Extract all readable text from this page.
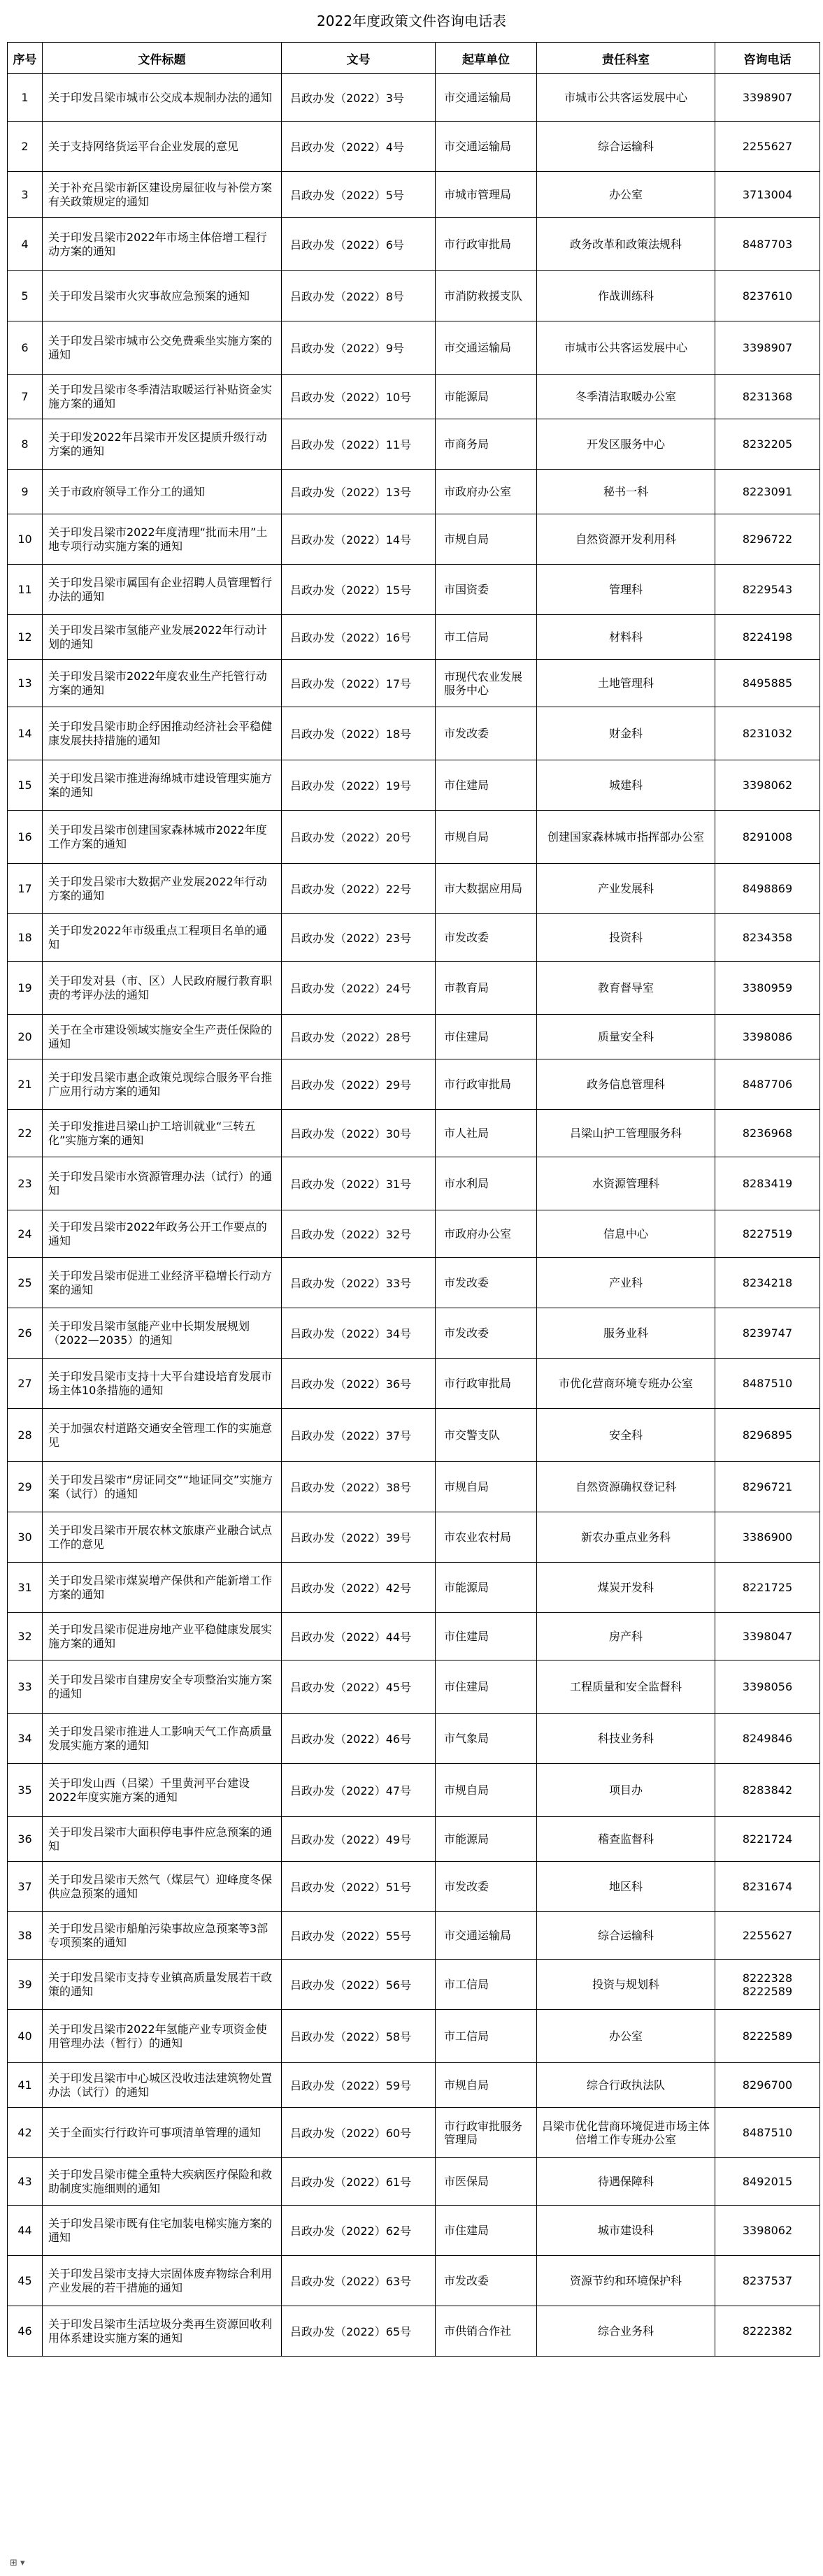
2022年度政策文件咨询电话表
序号	文件标题	文号	起草单位	责任科室	咨询电话
1	关于印发吕梁市城市公交成本规制办法的通知	吕政办发（2022）3号	市交通运输局	市城市公共客运发展中心	3398907
2	关于支持网络货运平台企业发展的意见	吕政办发（2022）4号	市交通运输局	综合运输科	2255627
3	关于补充吕梁市新区建设房屋征收与补偿方案有关政策规定的通知	吕政办发（2022）5号	市城市管理局	办公室	3713004
4	关于印发吕梁市2022年市场主体倍增工程行动方案的通知	吕政办发（2022）6号	市行政审批局	政务改革和政策法规科	8487703
5	关于印发吕梁市火灾事故应急预案的通知	吕政办发（2022）8号	市消防救援支队	作战训练科	8237610
6	关于印发吕梁市城市公交免费乘坐实施方案的通知	吕政办发（2022）9号	市交通运输局	市城市公共客运发展中心	3398907
7	关于印发吕梁市冬季清洁取暖运行补贴资金实施方案的通知	吕政办发（2022）10号	市能源局	冬季清洁取暖办公室	8231368
8	关于印发2022年吕梁市开发区提质升级行动方案的通知	吕政办发（2022）11号	市商务局	开发区服务中心	8232205
9	关于市政府领导工作分工的通知	吕政办发（2022）13号	市政府办公室	秘书一科	8223091
10	关于印发吕梁市2022年度清理“批而未用”土地专项行动实施方案的通知	吕政办发（2022）14号	市规自局	自然资源开发利用科	8296722
11	关于印发吕梁市属国有企业招聘人员管理暂行办法的通知	吕政办发（2022）15号	市国资委	管理科	8229543
12	关于印发吕梁市氢能产业发展2022年行动计划的通知	吕政办发（2022）16号	市工信局	材料科	8224198
13	关于印发吕梁市2022年度农业生产托管行动方案的通知	吕政办发（2022）17号	市现代农业发展服务中心	土地管理科	8495885
14	关于印发吕梁市助企纾困推动经济社会平稳健康发展扶持措施的通知	吕政办发（2022）18号	市发改委	财金科	8231032
15	关于印发吕梁市推进海绵城市建设管理实施方案的通知	吕政办发（2022）19号	市住建局	城建科	3398062
16	关于印发吕梁市创建国家森林城市2022年度工作方案的通知	吕政办发（2022）20号	市规自局	创建国家森林城市指挥部办公室	8291008
17	关于印发吕梁市大数据产业发展2022年行动方案的通知	吕政办发（2022）22号	市大数据应用局	产业发展科	8498869
18	关于印发2022年市级重点工程项目名单的通知	吕政办发（2022）23号	市发改委	投资科	8234358
19	关于印发对县（市、区）人民政府履行教育职责的考评办法的通知	吕政办发（2022）24号	市教育局	教育督导室	3380959
20	关于在全市建设领域实施安全生产责任保险的通知	吕政办发（2022）28号	市住建局	质量安全科	3398086
21	关于印发吕梁市惠企政策兑现综合服务平台推广应用行动方案的通知	吕政办发（2022）29号	市行政审批局	政务信息管理科	8487706
22	关于印发推进吕梁山护工培训就业“三转五化”实施方案的通知	吕政办发（2022）30号	市人社局	吕梁山护工管理服务科	8236968
23	关于印发吕梁市水资源管理办法（试行）的通知	吕政办发（2022）31号	市水利局	水资源管理科	8283419
24	关于印发吕梁市2022年政务公开工作要点的通知	吕政办发（2022）32号	市政府办公室	信息中心	8227519
25	关于印发吕梁市促进工业经济平稳增长行动方案的通知	吕政办发（2022）33号	市发改委	产业科	8234218
26	关于印发吕梁市氢能产业中长期发展规划（2022—2035）的通知	吕政办发（2022）34号	市发改委	服务业科	8239747
27	关于印发吕梁市支持十大平台建设培育发展市场主体10条措施的通知	吕政办发（2022）36号	市行政审批局	市优化营商环境专班办公室	8487510
28	关于加强农村道路交通安全管理工作的实施意见	吕政办发（2022）37号	市交警支队	安全科	8296895
29	关于印发吕梁市“房证同交”“地证同交”实施方案（试行）的通知	吕政办发（2022）38号	市规自局	自然资源确权登记科	8296721
30	关于印发吕梁市开展农林文旅康产业融合试点工作的意见	吕政办发（2022）39号	市农业农村局	新农办重点业务科	3386900
31	关于印发吕梁市煤炭增产保供和产能新增工作方案的通知	吕政办发（2022）42号	市能源局	煤炭开发科	8221725
32	关于印发吕梁市促进房地产业平稳健康发展实施方案的通知	吕政办发（2022）44号	市住建局	房产科	3398047
33	关于印发吕梁市自建房安全专项整治实施方案的通知	吕政办发（2022）45号	市住建局	工程质量和安全监督科	3398056
34	关于印发吕梁市推进人工影响天气工作高质量发展实施方案的通知	吕政办发（2022）46号	市气象局	科技业务科	8249846
35	关于印发山西（吕梁）千里黄河平台建设2022年度实施方案的通知	吕政办发（2022）47号	市规自局	项目办	8283842
36	关于印发吕梁市大面积停电事件应急预案的通知	吕政办发（2022）49号	市能源局	稽查监督科	8221724
37	关于印发吕梁市天然气（煤层气）迎峰度冬保供应急预案的通知	吕政办发（2022）51号	市发改委	地区科	8231674
38	关于印发吕梁市船舶污染事故应急预案等3部专项预案的通知	吕政办发（2022）55号	市交通运输局	综合运输科	2255627
39	关于印发吕梁市支持专业镇高质量发展若干政策的通知	吕政办发（2022）56号	市工信局	投资与规划科	8222328 8222589
40	关于印发吕梁市2022年氢能产业专项资金使用管理办法（暂行）的通知	吕政办发（2022）58号	市工信局	办公室	8222589
41	关于印发吕梁市中心城区没收违法建筑物处置办法（试行）的通知	吕政办发（2022）59号	市规自局	综合行政执法队	8296700
42	关于全面实行行政许可事项清单管理的通知	吕政办发（2022）60号	市行政审批服务管理局	吕梁市优化营商环境促进市场主体倍增工作专班办公室	8487510
43	关于印发吕梁市健全重特大疾病医疗保险和救助制度实施细则的通知	吕政办发（2022）61号	市医保局	待遇保障科	8492015
44	关于印发吕梁市既有住宅加装电梯实施方案的通知	吕政办发（2022）62号	市住建局	城市建设科	3398062
45	关于印发吕梁市支持大宗固体废弃物综合利用产业发展的若干措施的通知	吕政办发（2022）63号	市发改委	资源节约和环境保护科	8237537
46	关于印发吕梁市生活垃圾分类再生资源回收利用体系建设实施方案的通知	吕政办发（2022）65号	市供销合作社	综合业务科	8222382
⊞ ▾
